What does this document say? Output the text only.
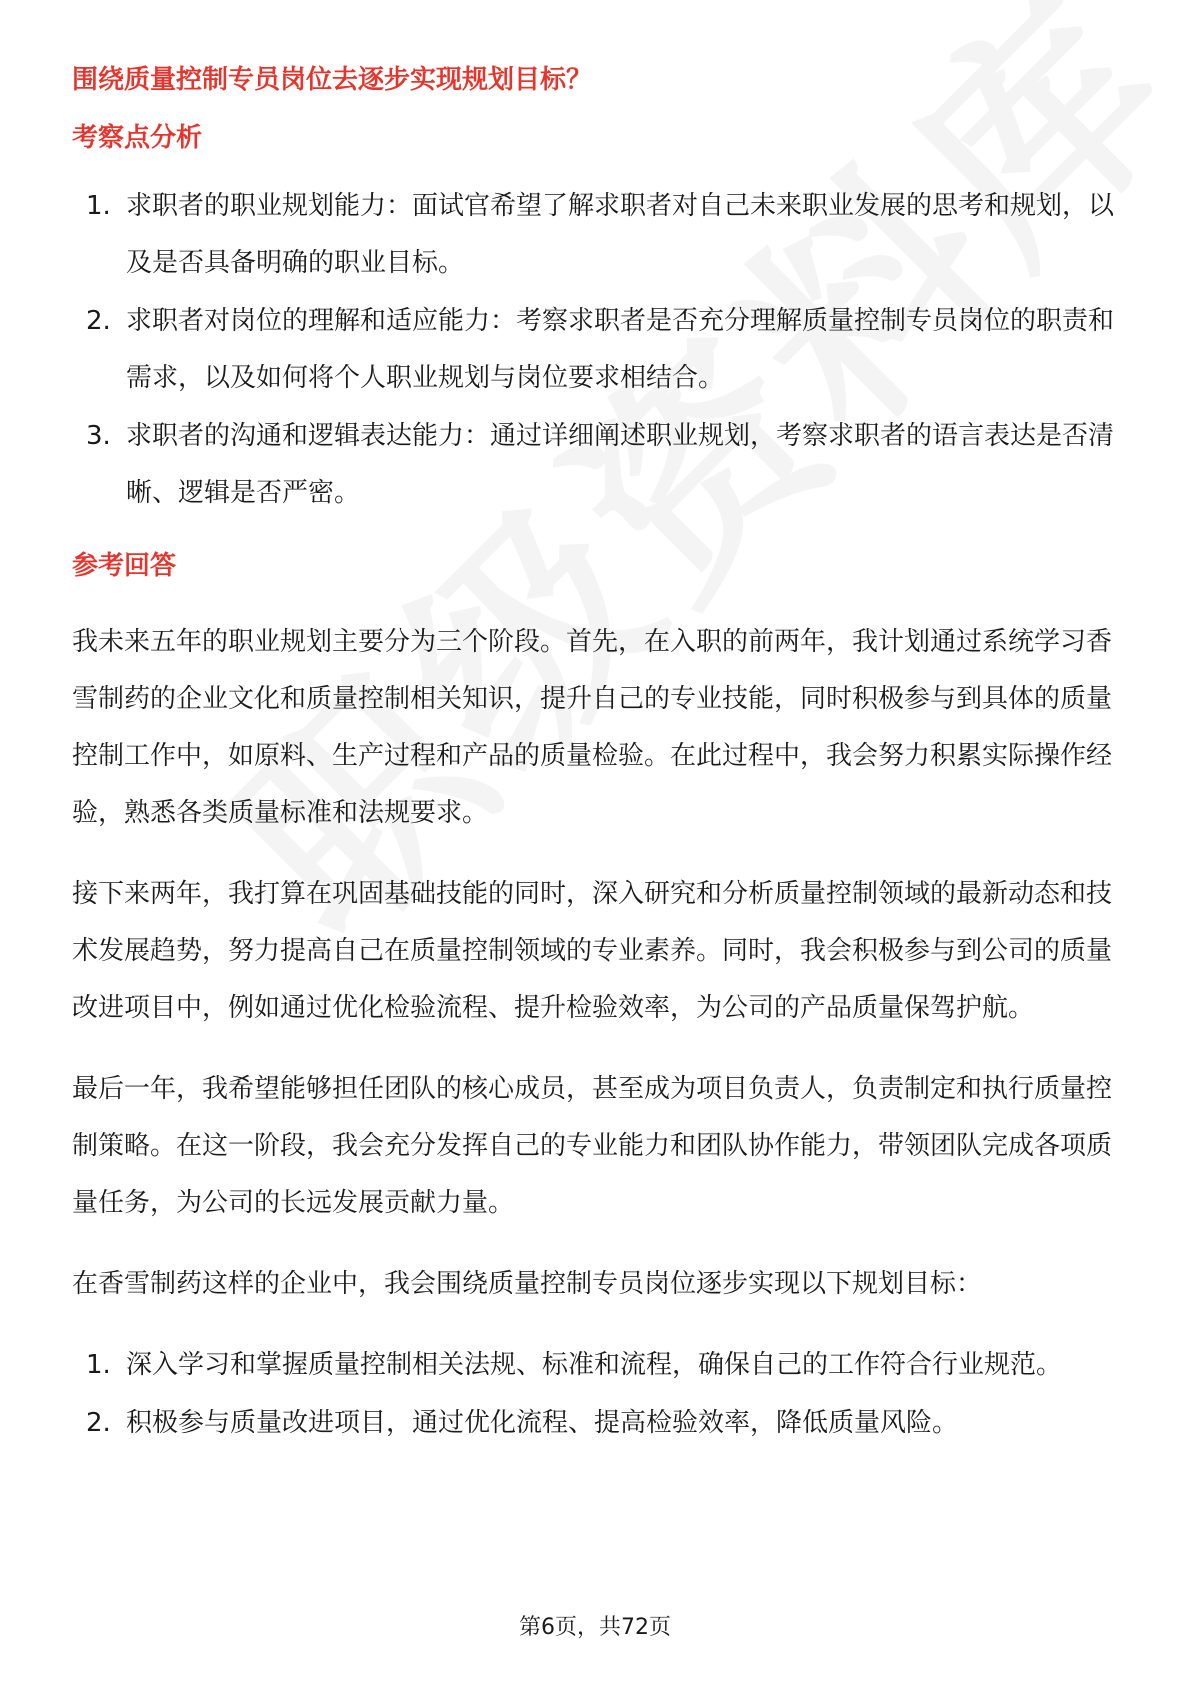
围绕质量控制专员岗位去逐步实现规划目标？
考察点分析
1. 求职者的职业规划能力：面试官希望了解求职者对自己未来职业发展的思考和规划，以及是否具备明确的职业目标。
2. 求职者对岗位的理解和适应能力：考察求职者是否充分理解质量控制专员岗位的职责和需求，以及如何将个人职业规划与岗位要求相结合。
3. 求职者的沟通和逻辑表达能力：通过详细阐述职业规划，考察求职者的语言表达是否清晰、逻辑是否严密。
参考回答

我未来五年的职业规划主要分为三个阶段。首先，在入职的前两年，我计划通过系统学习香雪制药的企业文化和质量控制相关知识，提升自己的专业技能，同时积极参与到具体的质量控制工作中，如原料、生产过程和产品的质量检验。在此过程中，我会努力积累实际操作经验，熟悉各类质量标准和法规要求。

接下来两年，我打算在巩固基础技能的同时，深入研究和分析质量控制领域的最新动态和技术发展趋势，努力提高自己在质量控制领域的专业素养。同时，我会积极参与到公司的质量改进项目中，例如通过优化检验流程、提升检验效率，为公司的产品质量保驾护航。

最后一年，我希望能够担任团队的核心成员，甚至成为项目负责人，负责制定和执行质量控制策略。在这一阶段，我会充分发挥自己的专业能力和团队协作能力，带领团队完成各项质量任务，为公司的长远发展贡献力量。

在香雪制药这样的企业中，我会围绕质量控制专员岗位逐步实现以下规划目标：

1. 深入学习和掌握质量控制相关法规、标准和流程，确保自己的工作符合行业规范。
2. 积极参与质量改进项目，通过优化流程、提高检验效率，降低质量风险。
第6页，共72页
